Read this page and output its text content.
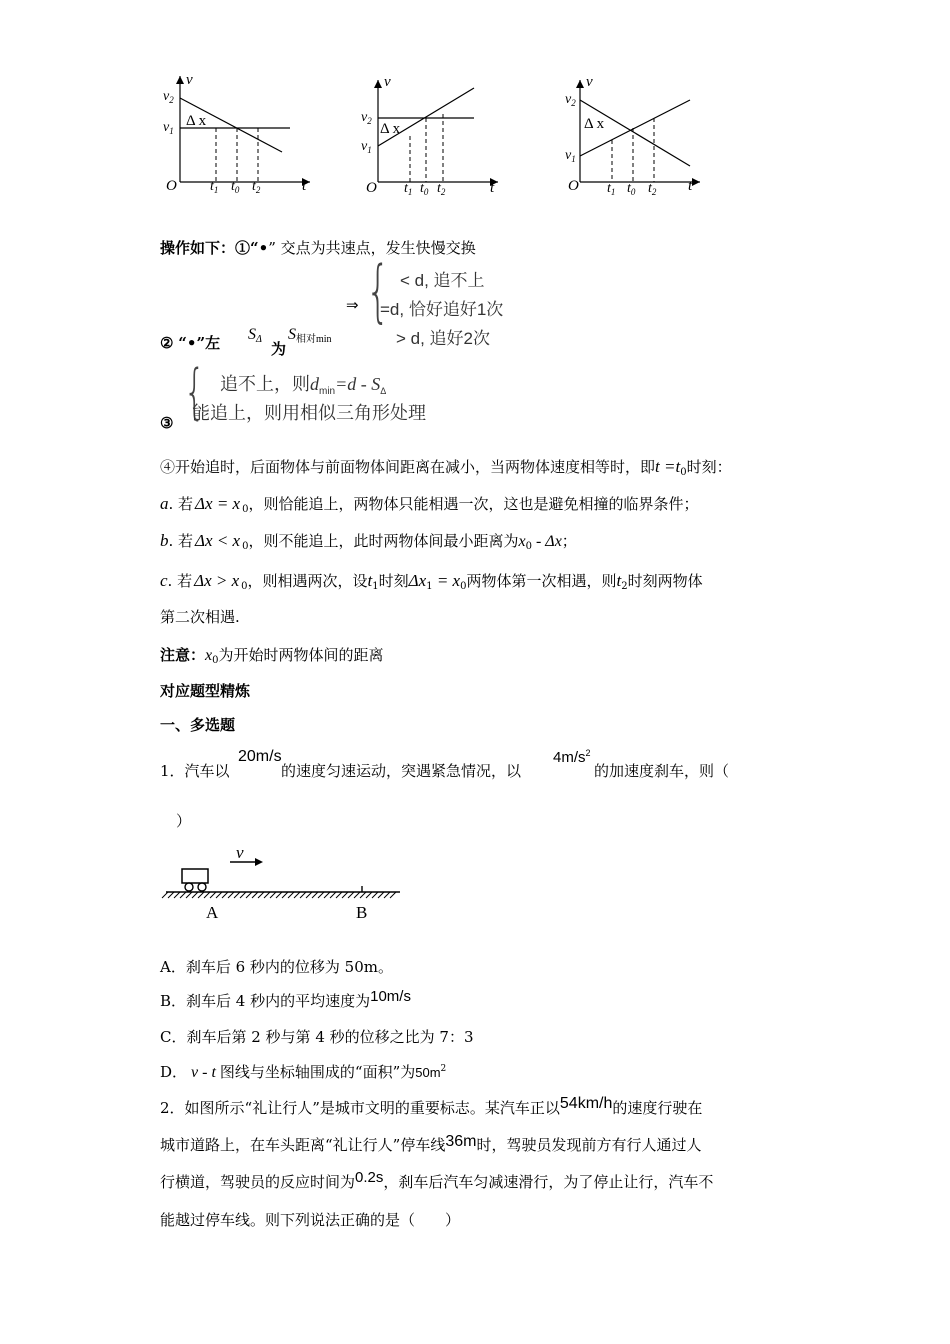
v
$v_2$
$v_1$
Δ x
O $t_1$ $t_0$ $t_2$	t
v
$v_2$
$v_1$
Δ x
O $t_1$ $t_0$ $t_2$	t
v
$v_2$
$v_1$
Δ x
O $t_1$ $t_0$ $t_2$ t
操作如下：①“•” 交点为共速点，发生快慢交换
⇒ { < d, 追不上
=d, 恰好追好1次
> d, 追好2次
② “•”左 $S_\Delta$
为
$S_{相对min}$
{ 追不上，则$d_{min}=d - S_\Delta$
能追上，则用相似三角形处理
③
④开始追时，后面物体与前面物体间距离在减小，当两物体速度相等时，即$t =t_0$时刻：
a. 若 Δx = x $_0$，则恰能追上，两物体只能相遇一次，这也是避免相撞的临界条件；
b. 若 Δx < x $_0$，则不能追上，此时两物体间最小距离为$x_0$ - Δx；
c. 若 Δx > x $_0$，则相遇两次，设$t_1$时刻$\Delta x_1 = x_0$两物体第一次相遇，则$t_2$时刻两物体
第二次相遇.
注意：$x_0$为开始时两物体间的距离
对应题型精炼
一、多选题
1．汽车以
20m/s
的速度匀速运动，突遇紧急情况，以
$4m/s^2$
的加速度刹车，则（
）
v
A	B
A．刹车后 6 秒内的位移为 50m。
B．刹车后 4 秒内的平均速度为10m/s
C．刹车后第 2 秒与第 4 秒的位移之比为 7：3
D． v - t 图线与坐标轴围成的“面积”为$50m^2$
2．如图所示“礼让行人”是城市文明的重要标志。某汽车正以54km/h的速度行驶在
城市道路上，在车头距离“礼让行人”停车线36m时，驾驶员发现前方有行人通过人
行横道，驾驶员的反应时间为0.2s，刹车后汽车匀减速滑行，为了停止让行，汽车不
能越过停车线。则下列说法正确的是（　　）
